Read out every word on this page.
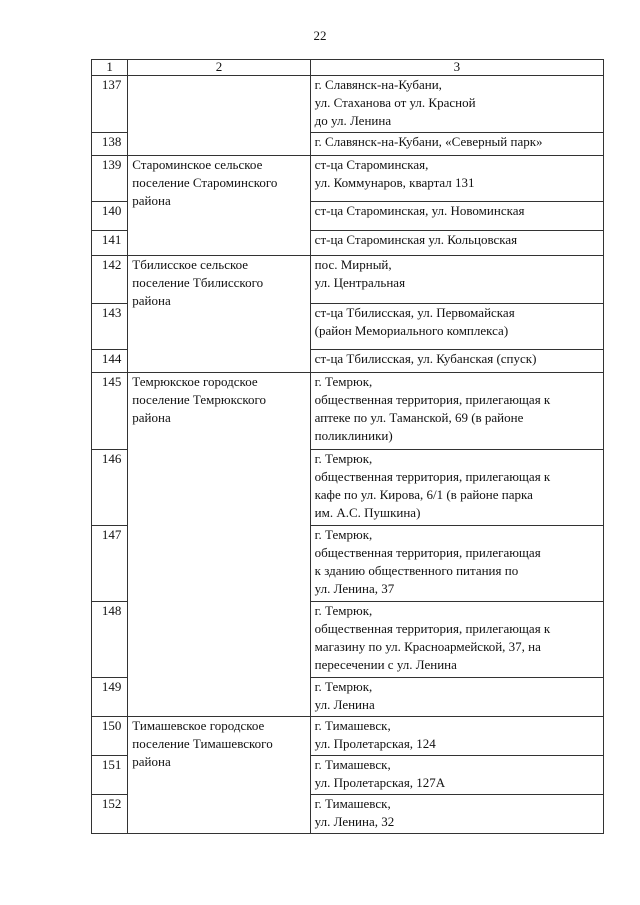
22
1	2	3
137		г. Славянск-на-Кубани,
ул. Стаханова от ул. Красной
до ул. Ленина
138		г. Славянск-на-Кубани, «Северный парк»
139	Староминское сельское
поселение Староминского
района	ст-ца Староминская,
ул. Коммунаров, квартал 131
140		ст-ца Староминская, ул. Новоминская
141		ст-ца Староминская ул. Кольцовская
142	Тбилисское сельское
поселение Тбилисского
района	пос. Мирный,
ул. Центральная
143		ст-ца Тбилисская, ул. Первомайская
(район Мемориального комплекса)
144		ст-ца Тбилисская, ул. Кубанская (спуск)
145	Темрюкское городское
поселение Темрюкского
района	г. Темрюк,
общественная территория, прилегающая к
аптеке по ул. Таманской, 69 (в районе
поликлиники)
146		г. Темрюк,
общественная территория, прилегающая к
кафе по ул. Кирова, 6/1 (в районе парка
им. А.С. Пушкина)
147		г. Темрюк,
общественная территория, прилегающая
к зданию общественного питания по
ул. Ленина, 37
148		г. Темрюк,
общественная территория, прилегающая к
магазину по ул. Красноармейской, 37, на
пересечении с ул. Ленина
149		г. Темрюк,
ул. Ленина
150	Тимашевское городское
поселение Тимашевского
района	г. Тимашевск,
ул. Пролетарская, 124
151		г. Тимашевск,
ул. Пролетарская, 127А
152		г. Тимашевск,
ул. Ленина, 32
